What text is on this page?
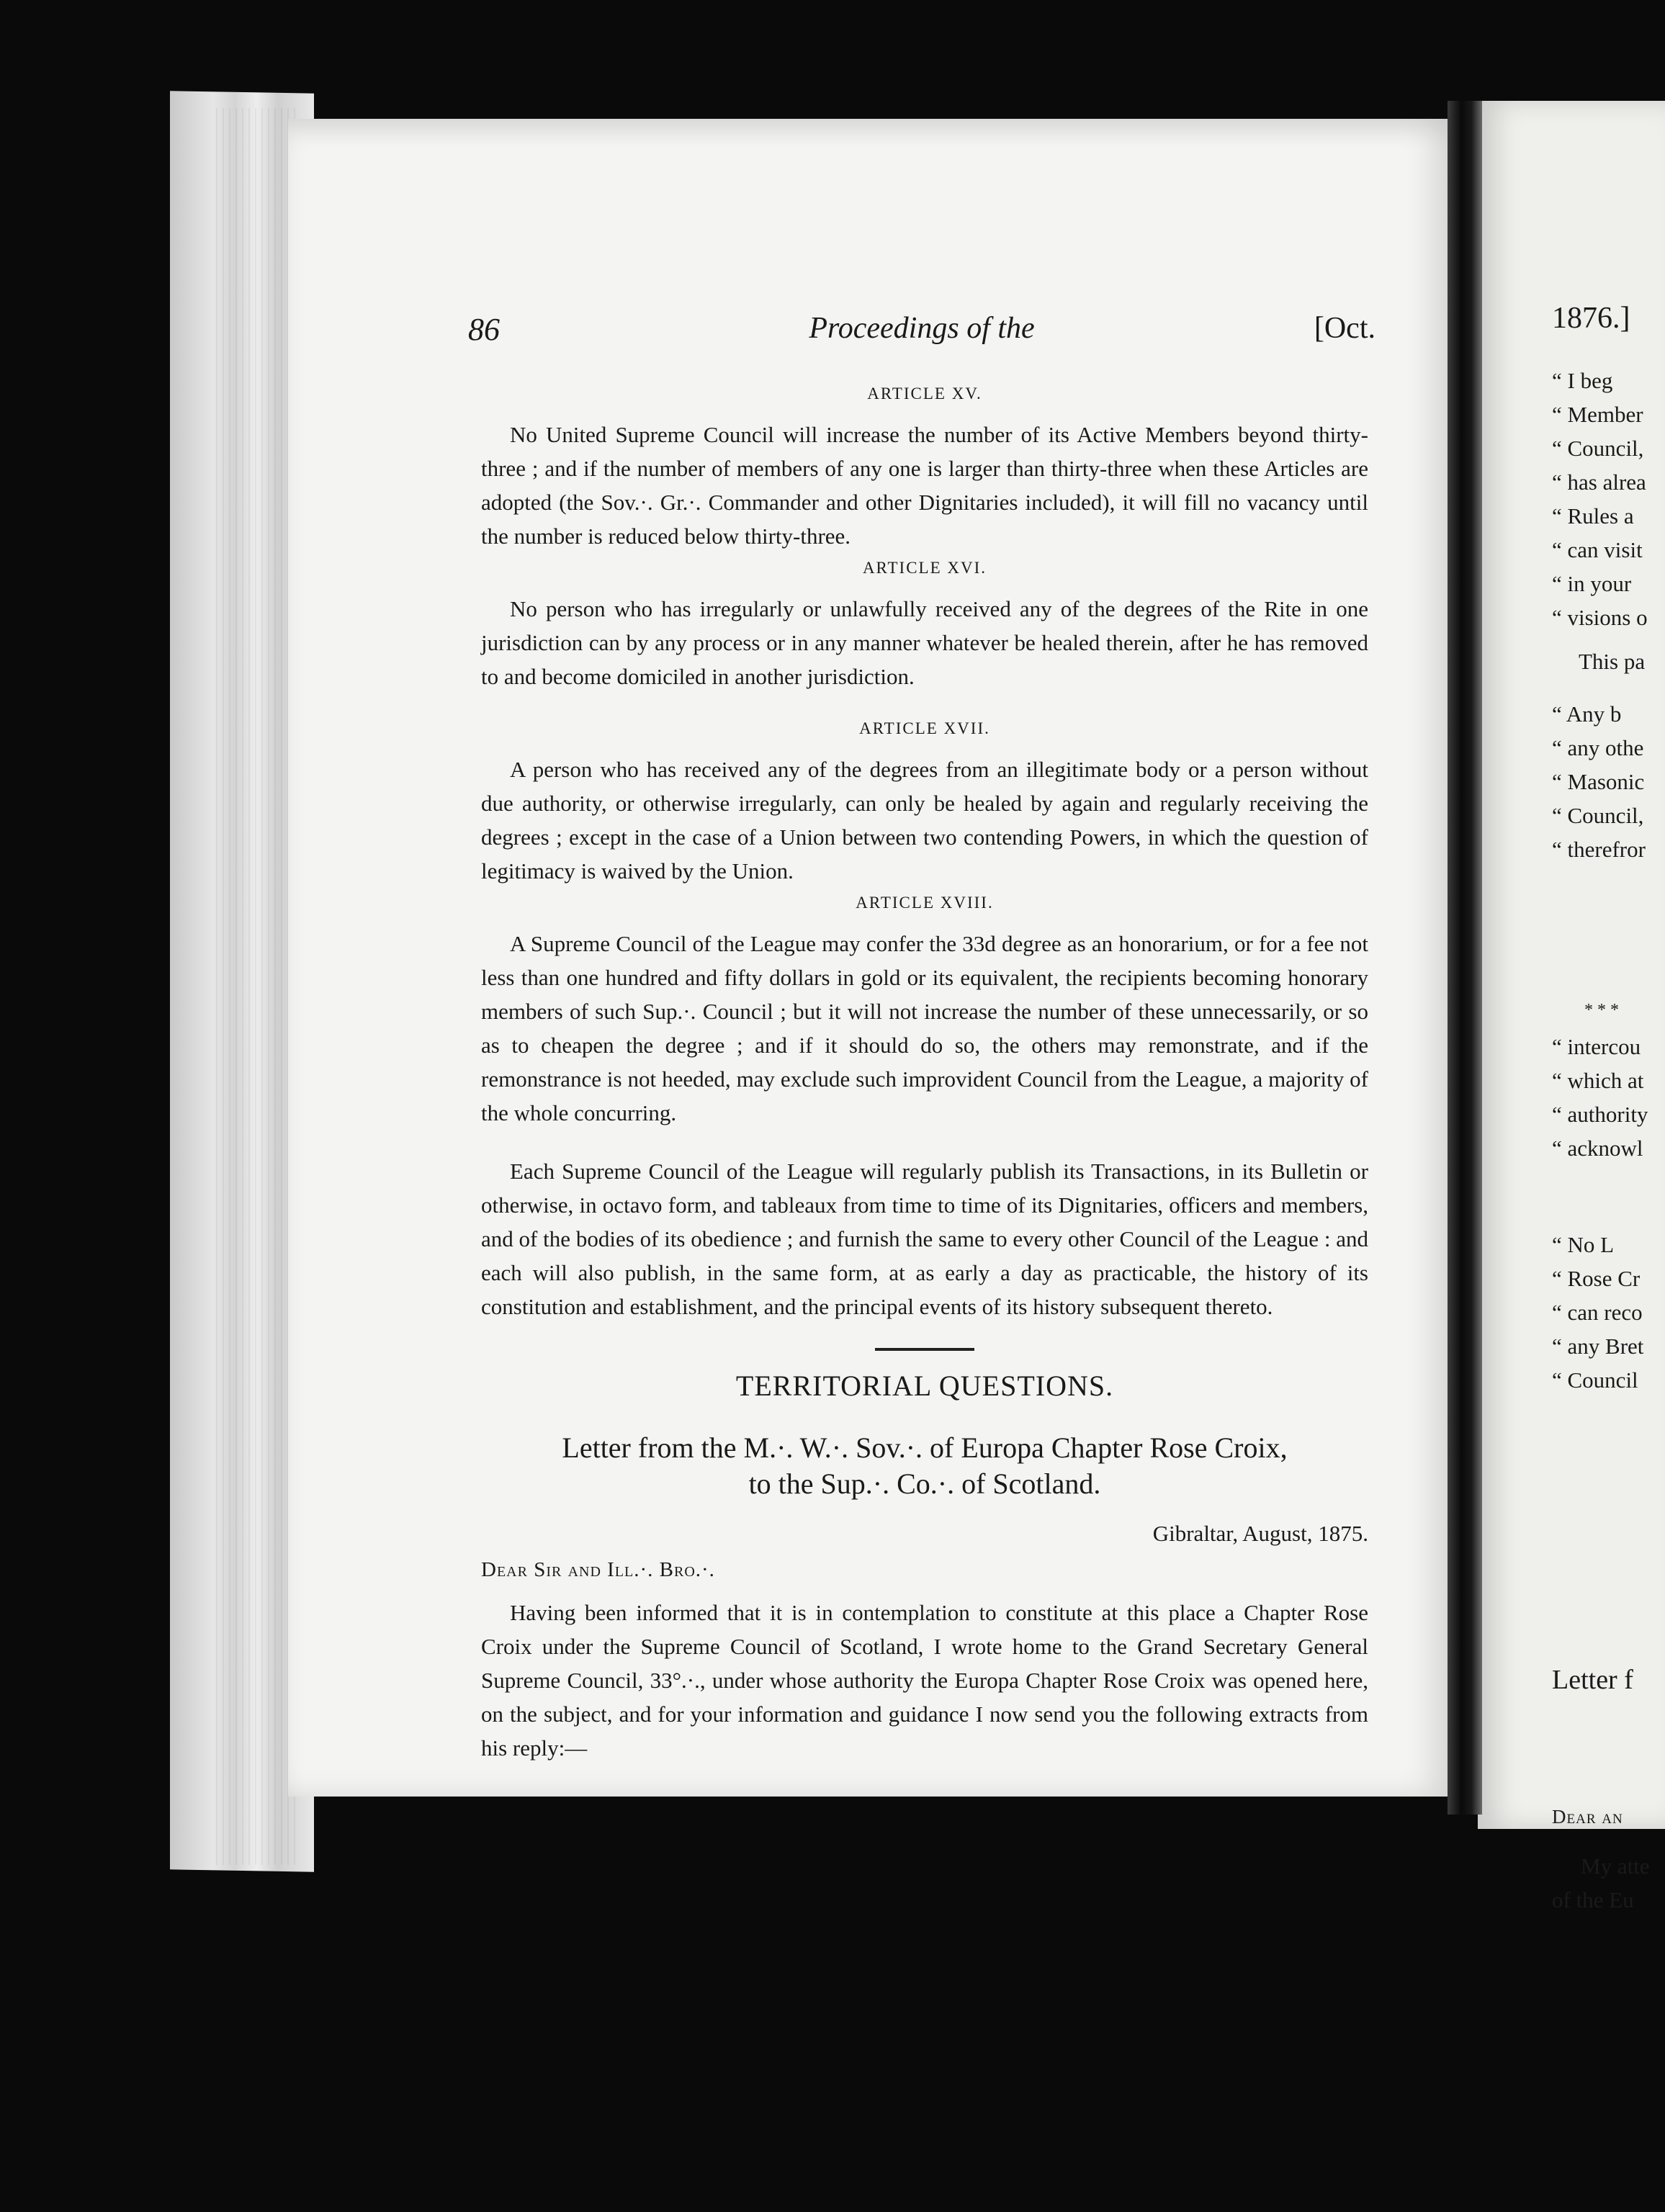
86	Proceedings of the	[Oct.
ARTICLE XV.

No United Supreme Council will increase the number of its Active Members beyond thirty-three ; and if the number of members of any one is larger than thirty-three when these Articles are adopted (the Sov.·. Gr.·. Commander and other Dignitaries included), it will fill no vacancy until the number is reduced below thirty-three.

ARTICLE XVI.

No person who has irregularly or unlawfully received any of the degrees of the Rite in one jurisdiction can by any process or in any manner whatever be healed therein, after he has removed to and become domiciled in another jurisdiction.

ARTICLE XVII.

A person who has received any of the degrees from an illegitimate body or a person without due authority, or otherwise irregularly, can only be healed by again and regularly receiving the degrees ; except in the case of a Union between two contending Powers, in which the question of legitimacy is waived by the Union.

ARTICLE XVIII.

A Supreme Council of the League may confer the 33d degree as an honorarium, or for a fee not less than one hundred and fifty dollars in gold or its equivalent, the recipients becoming honorary members of such Sup.·. Council ; but it will not increase the number of these unnecessarily, or so as to cheapen the degree ; and if it should do so, the others may remonstrate, and if the remonstrance is not heeded, may exclude such improvident Council from the League, a majority of the whole concurring.

Each Supreme Council of the League will regularly publish its Transactions, in its Bulletin or otherwise, in octavo form, and tableaux from time to time of its Dignitaries, officers and members, and of the bodies of its obedience ; and furnish the same to every other Council of the League : and each will also publish, in the same form, at as early a day as practicable, the history of its constitution and establishment, and the principal events of its history subsequent thereto.

TERRITORIAL QUESTIONS.
Letter from the M.·. W.·. Sov.·. of Europa Chapter Rose Croix,
to the Sup.·. Co.·. of Scotland.
Gibraltar, August, 1875.
Dear Sir and Ill.·. Bro.·.

Having been informed that it is in contemplation to constitute at this place a Chapter Rose Croix under the Supreme Council of Scotland, I wrote home to the Grand Secretary General Supreme Council, 33°.·., under whose authority the Europa Chapter Rose Croix was opened here, on the subject, and for your information and guidance I now send you the following extracts from his reply:—

1876.]
“ I beg
“ Member
“ Council,
“ has alrea
“ Rules a
“ can visit
“ in your
“ visions o
This pa
“ Any b
“ any othe
“ Masonic
“ Council,
“ therefror
* * *
“ intercou
“ which at
“ authority
“ acknowl
“ No L
“ Rose Cr
“ can reco
“ any Bret
“ Council
Letter f
Dear an
My atte
of the Eu
